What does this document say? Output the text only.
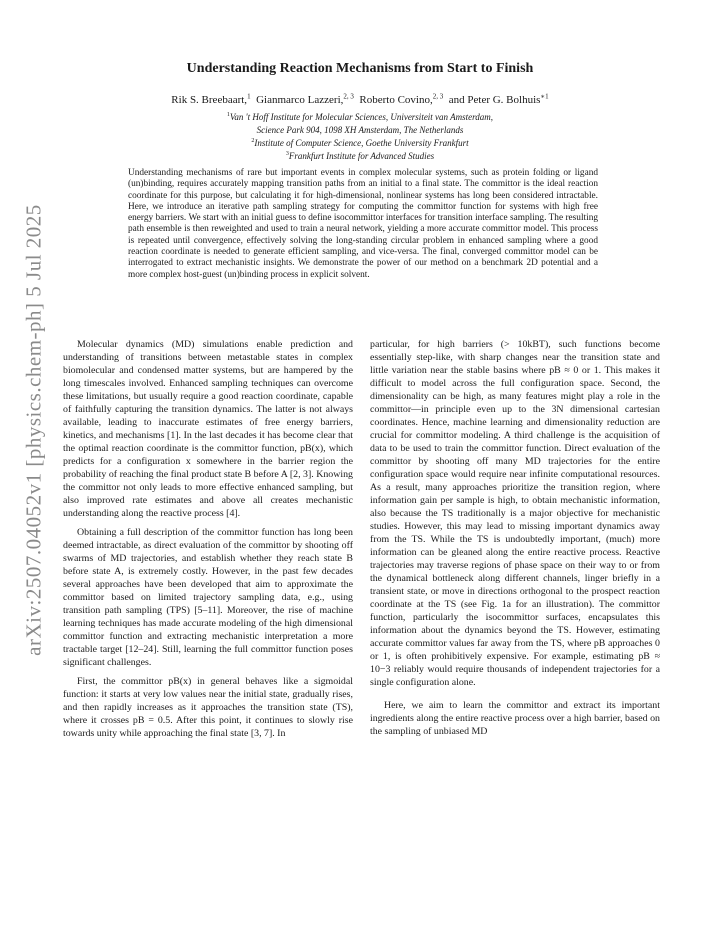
arXiv:2507.04052v1 [physics.chem-ph] 5 Jul 2025
Understanding Reaction Mechanisms from Start to Finish
Rik S. Breebaart,$^1$ Gianmarco Lazzeri,$^{2, 3}$ Roberto Covino,$^{2, 3}$ and Peter G. Bolhuis$^{∗1}$
$^1$Van 't Hoff Institute for Molecular Sciences, Universiteit van Amsterdam,
Science Park 904, 1098 XH Amsterdam, The Netherlands
$^2$Institute of Computer Science, Goethe University Frankfurt
$^3$Frankfurt Institute for Advanced Studies
Understanding mechanisms of rare but important events in complex molecular systems, such as protein folding or ligand (un)binding, requires accurately mapping transition paths from an initial to a final state. The committor is the ideal reaction coordinate for this purpose, but calculating it for high-dimensional, nonlinear systems has long been considered intractable. Here, we introduce an iterative path sampling strategy for computing the committor function for systems with high free energy barriers. We start with an initial guess to define isocommittor interfaces for transition interface sampling. The resulting path ensemble is then reweighted and used to train a neural network, yielding a more accurate committor model. This process is repeated until convergence, effectively solving the long-standing circular problem in enhanced sampling where a good reaction coordinate is needed to generate efficient sampling, and vice-versa. The final, converged committor model can be interrogated to extract mechanistic insights. We demonstrate the power of our method on a benchmark 2D potential and a more complex host-guest (un)binding process in explicit solvent.

Molecular dynamics (MD) simulations enable prediction and understanding of transitions between metastable states in complex biomolecular and condensed matter systems, but are hampered by the long timescales involved. Enhanced sampling techniques can overcome these limitations, but usually require a good reaction coordinate, capable of faithfully capturing the transition dynamics. The latter is not always available, leading to inaccurate estimates of free energy barriers, kinetics, and mechanisms [1]. In the last decades it has become clear that the optimal reaction coordinate is the committor function, pB(x), which predicts for a configuration x somewhere in the barrier region the probability of reaching the final product state B before A [2, 3]. Knowing the committor not only leads to more effective enhanced sampling, but also improved rate estimates and above all creates mechanistic understanding along the reactive process [4].

Obtaining a full description of the committor function has long been deemed intractable, as direct evaluation of the committor by shooting off swarms of MD trajectories, and establish whether they reach state B before state A, is extremely costly. However, in the past few decades several approaches have been developed that aim to approximate the committor based on limited trajectory sampling data, e.g., using transition path sampling (TPS) [5–11]. Moreover, the rise of machine learning techniques has made accurate modeling of the high dimensional committor function and extracting mechanistic interpretation a more tractable target [12–24]. Still, learning the full committor function poses significant challenges.

First, the committor pB(x) in general behaves like a sigmoidal function: it starts at very low values near the initial state, gradually rises, and then rapidly increases as it approaches the transition state (TS), where it crosses pB = 0.5. After this point, it continues to slowly rise towards unity while approaching the final state [3, 7]. In

particular, for high barriers (> 10kBT), such functions become essentially step-like, with sharp changes near the transition state and little variation near the stable basins where pB ≈ 0 or 1. This makes it difficult to model across the full configuration space. Second, the dimensionality can be high, as many features might play a role in the committor—in principle even up to the 3N dimensional cartesian coordinates. Hence, machine learning and dimensionality reduction are crucial for committor modeling. A third challenge is the acquisition of data to be used to train the committor function. Direct evaluation of the committor by shooting off many MD trajectories for the entire configuration space would require near infinite computational resources. As a result, many approaches prioritize the transition region, where information gain per sample is high, to obtain mechanistic information, also because the TS traditionally is a major objective for mechanistic studies. However, this may lead to missing important dynamics away from the TS. While the TS is undoubtedly important, (much) more information can be gleaned along the entire reactive process. Reactive trajectories may traverse regions of phase space on their way to or from the dynamical bottleneck along different channels, linger briefly in a transient state, or move in directions orthogonal to the prospect reaction coordinate at the TS (see Fig. 1a for an illustration). The committor function, particularly the isocommittor surfaces, encapsulates this information about the dynamics beyond the TS. However, estimating accurate committor values far away from the TS, where pB approaches 0 or 1, is often prohibitively expensive. For example, estimating pB ≈ 10−3 reliably would require thousands of independent trajectories for a single configuration alone.

Here, we aim to learn the committor and extract its important ingredients along the entire reactive process over a high barrier, based on the sampling of unbiased MD
